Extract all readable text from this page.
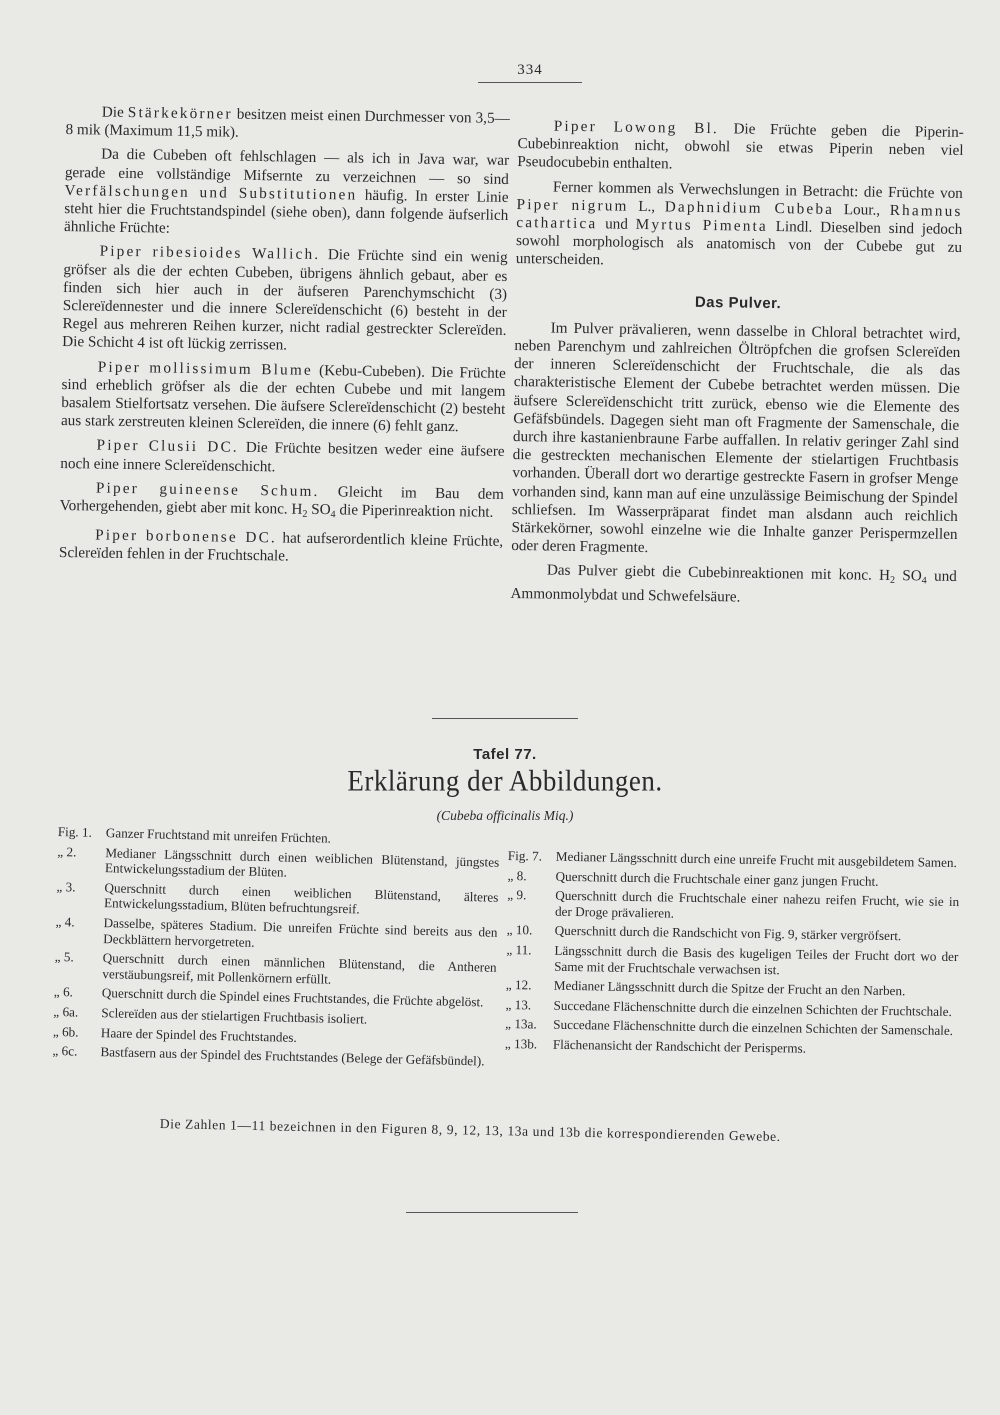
334

Die Stärkekörner besitzen meist einen Durchmesser von 3,5—8 mik (Maximum 11,5 mik).

Da die Cubeben oft fehlschlagen — als ich in Java war, war gerade eine vollständige Mifsernte zu verzeichnen — so sind Verfälschungen und Substitutionen häufig. In erster Linie steht hier die Fruchtstandspindel (siehe oben), dann folgende äufserlich ähnliche Früchte:

Piper ribesioides Wallich. Die Früchte sind ein wenig gröfser als die der echten Cubeben, übrigens ähnlich gebaut, aber es finden sich hier auch in der äufseren Parenchymschicht (3) Sclereïdennester und die innere Sclereïdenschicht (6) besteht in der Regel aus mehreren Reihen kurzer, nicht radial gestreckter Sclereïden. Die Schicht 4 ist oft lückig zerrissen.

Piper mollissimum Blume (Kebu-Cubeben). Die Früchte sind erheblich gröfser als die der echten Cubebe und mit langem basalem Stielfortsatz versehen. Die äufsere Sclereïdenschicht (2) besteht aus stark zerstreuten kleinen Sclereïden, die innere (6) fehlt ganz.

Piper Clusii DC. Die Früchte besitzen weder eine äufsere noch eine innere Sclereïdenschicht.

Piper guineense Schum. Gleicht im Bau dem Vorhergehenden, giebt aber mit konc. $H_2$ $SO_4$ die Piperinreaktion nicht.

Piper borbonense DC. hat aufserordentlich kleine Früchte, Sclereïden fehlen in der Fruchtschale.

Piper Lowong Bl. Die Früchte geben die Piperin-Cubebinreaktion nicht, obwohl sie etwas Piperin neben viel Pseudocubebin enthalten.

Ferner kommen als Verwechslungen in Betracht: die Früchte von Piper nigrum L., Daphnidium Cubeba Lour., Rhamnus cathartica und Myrtus Pimenta Lindl. Dieselben sind jedoch sowohl morphologisch als anatomisch von der Cubebe gut zu unterscheiden.

Das Pulver.

Im Pulver prävalieren, wenn dasselbe in Chloral betrachtet wird, neben Parenchym und zahlreichen Öltröpfchen die grofsen Sclereïden der inneren Sclereïdenschicht der Fruchtschale, die als das charakteristische Element der Cubebe betrachtet werden müssen. Die äufsere Sclereïdenschicht tritt zurück, ebenso wie die Elemente des Gefäfsbündels. Dagegen sieht man oft Fragmente der Samenschale, die durch ihre kastanienbraune Farbe auffallen. In relativ geringer Zahl sind die gestreckten mechanischen Elemente der stielartigen Fruchtbasis vorhanden. Überall dort wo derartige gestreckte Fasern in grofser Menge vorhanden sind, kann man auf eine unzulässige Beimischung der Spindel schliefsen. Im Wasserpräparat findet man alsdann auch reichlich Stärkekörner, sowohl einzelne wie die Inhalte ganzer Perispermzellen oder deren Fragmente.

Das Pulver giebt die Cubebinreaktionen mit konc. $H_2$ $SO_4$ und Ammonmolybdat und Schwefelsäure.

Tafel 77.
Erklärung der Abbildungen.
(Cubeba officinalis Miq.)
Fig. 1.	Ganzer Fruchtstand mit unreifen Früchten.
„ 2.	Medianer Längsschnitt durch einen weiblichen Blütenstand, jüngstes Entwickelungsstadium der Blüten.
„ 3.	Querschnitt durch einen weiblichen Blütenstand, älteres Entwickelungsstadium, Blüten befruchtungsreif.
„ 4.	Dasselbe, späteres Stadium. Die unreifen Früchte sind bereits aus den Deckblättern hervorgetreten.
„ 5.	Querschnitt durch einen männlichen Blütenstand, die Antheren verstäubungsreif, mit Pollenkörnern erfüllt.
„ 6.	Querschnitt durch die Spindel eines Fruchtstandes, die Früchte abgelöst.
„ 6a.	Sclereïden aus der stielartigen Fruchtbasis isoliert.
„ 6b.	Haare der Spindel des Fruchtstandes.
„ 6c.	Bastfasern aus der Spindel des Fruchtstandes (Belege der Gefäfsbündel).
Fig. 7.	Medianer Längsschnitt durch eine unreife Frucht mit ausgebildetem Samen.
„ 8.	Querschnitt durch die Fruchtschale einer ganz jungen Frucht.
„ 9.	Querschnitt durch die Fruchtschale einer nahezu reifen Frucht, wie sie in der Droge prävalieren.
„ 10.	Querschnitt durch die Randschicht von Fig. 9, stärker vergröfsert.
„ 11.	Längsschnitt durch die Basis des kugeligen Teiles der Frucht dort wo der Same mit der Fruchtschale verwachsen ist.
„ 12.	Medianer Längsschnitt durch die Spitze der Frucht an den Narben.
„ 13.	Succedane Flächenschnitte durch die einzelnen Schichten der Fruchtschale.
„ 13a.	Succedane Flächenschnitte durch die einzelnen Schichten der Samenschale.
„ 13b.	Flächenansicht der Randschicht der Perisperms.
Die Zahlen 1—11 bezeichnen in den Figuren 8, 9, 12, 13, 13a und 13b die korrespondierenden Gewebe.
